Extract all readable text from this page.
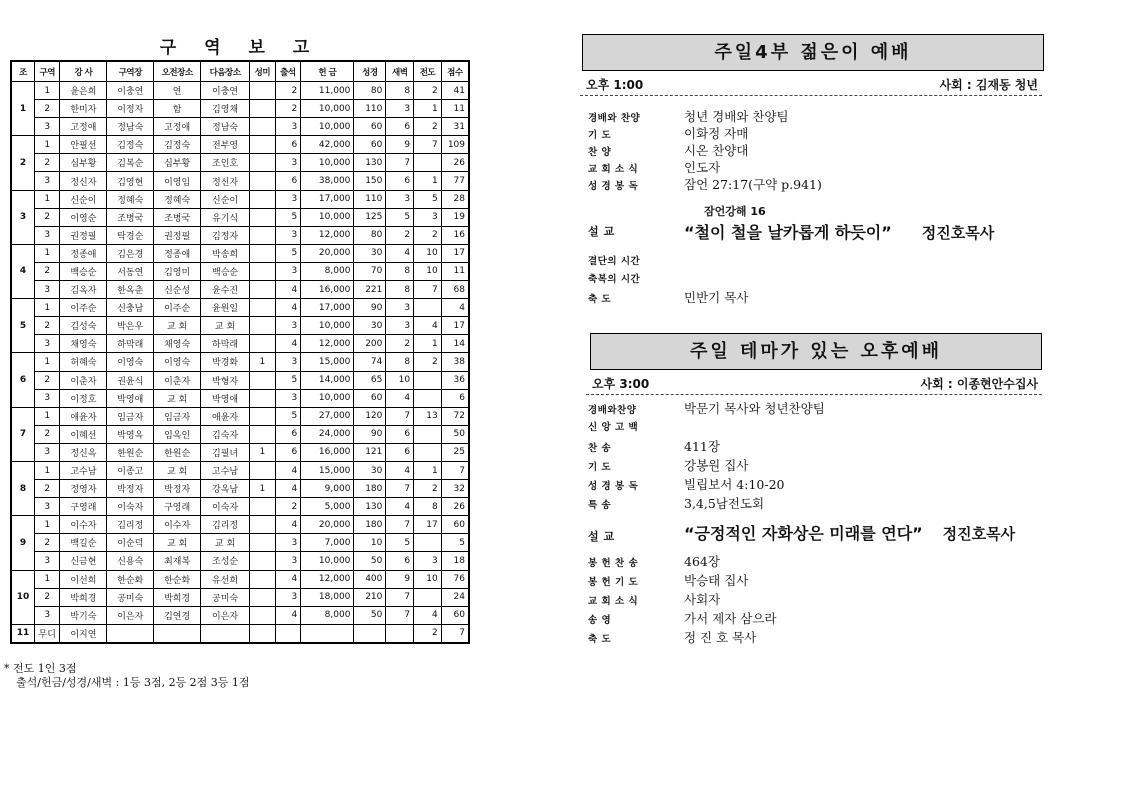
구 역 보 고
조	구역	강 사	구역장	오전장소	다음장소	성미	출석	헌 금	성경	새벽	전도	점수
1	1	윤은희	이충연	연	이충연		2	11,000	80	8	2	41
	2	한미자	이정자	함	김영채		2	10,000	110	3	1	11
	3	고정애	정남숙	고정애	정남숙		3	10,000	60	6	2	31
2	1	안필선	김정숙	김정숙	전부영		6	42,000	60	9	7	109
	2	심부황	김복순	심부황	조인호		3	10,000	130	7		26
	3	정신자	김영현	이영임	정신자		6	38,000	150	6	1	77
3	1	신순이	정혜숙	정혜숙	신순이		3	17,000	110	3	5	28
	2	이영순	조병국	조병국	유기식		5	10,000	125	5	3	19
	3	권정필	탁경순	권정필	김정자		3	12,000	80	2	2	16
4	1	정종애	김은경	정종애	박송희		5	20,000	30	4	10	17
	2	백승순	서동연	김영미	백승순		3	8,000	70	8	10	11
	3	김옥자	한옥춘	신순성	윤수진		4	16,000	221	8	7	68
5	1	이주순	신충남	이주순	윤원일		4	17,000	90	3		4
	2	김성숙	박은우	교 회	교 회		3	10,000	30	3	4	17
	3	채영숙	하막래	채영숙	하막래		4	12,000	200	2	1	14
6	1	허혜숙	이영숙	이영숙	박경화	1	3	15,000	74	8	2	38
	2	이춘자	권윤식	이춘자	박형자		5	14,000	65	10		36
	3	이정호	박영애	교 회	박영애		3	10,000	60	4		6
7	1	애윤자	임금자	임금자	애윤자		5	27,000	120	7	13	72
	2	이혜선	박영옥	임옥인	김숙자		6	24,000	90	6		50
	3	정신옥	한원순	한원순	김필녀	1	6	16,000	121	6		25
8	1	고수남	이종고	교 회	고수남		4	15,000	30	4	1	7
	2	정영자	박정자	박정자	강옥남	1	4	9,000	180	7	2	32
	3	구영래	이숙자	구영래	이숙자		2	5,000	130	4	8	26
9	1	이수자	김리정	이수자	김리정		4	20,000	180	7	17	60
	2	백길순	이순덕	교 회	교 회		3	7,000	10	5		5
	3	신금현	신용숙	최재복	조성순		3	10,000	50	6	3	18
10	1	이선희	한순화	한순화	유선희		4	12,000	400	9	10	76
	2	박희경	공미숙	박희경	공미숙		3	18,000	210	7		24
	3	박기숙	이은자	김연경	이은자		4	8,000	50	7	4	60
11	무디	이지연									2	7
* 전도 1인 3점
출석/헌금/성경/새벽 : 1등 3점, 2등 2점 3등 1점
주일4부 젊은이 예배
오후 1:00	사회 : 김재동 청년
경배와 찬양	청년 경배와 찬양팀
기 도	이화정 자매
찬 양	시온 찬양대
교 회 소 식	인도자
성 경 봉 독	잠언 27:17(구약 p.941)
설 교
잠언강해 16
“철이 철을 날카롭게 하듯이” 정진호목사
결단의 시간
축복의 시간
축 도	민반기 목사
주일 테마가 있는 오후예배
오후 3:00	사회 : 이종현안수집사
경배와찬양	박문기 목사와 청년찬양팀
신 앙 고 백
찬 송	411장
기 도	강봉원 집사
성 경 봉 독	빌립보서 4:10-20
특 송	3,4,5남전도회
설 교	“긍정적인 자화상은 미래를 연다” 정진호목사
봉 헌 찬 송	464장
봉 헌 기 도	박승태 집사
교 회 소 식	사회자
송 영	가서 제자 삼으라
축 도	정 진 호 목사
